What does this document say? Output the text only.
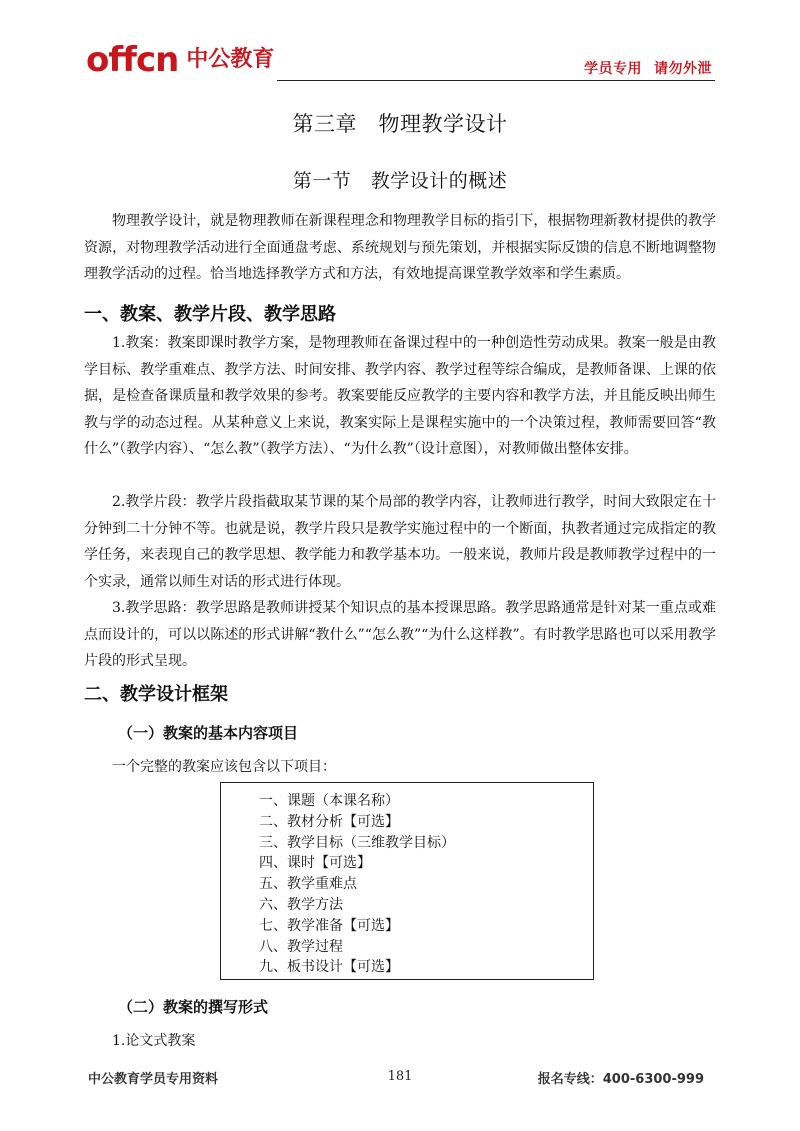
offcn 中公教育	学员专用 请勿外泄
第三章　物理教学设计
第一节　教学设计的概述

物理教学设计，就是物理教师在新课程理念和物理教学目标的指引下，根据物理新教材提供的教学资源，对物理教学活动进行全面通盘考虑、系统规划与预先策划，并根据实际反馈的信息不断地调整物理教学活动的过程。恰当地选择教学方式和方法，有效地提高课堂教学效率和学生素质。

一、教案、教学片段、教学思路

1.教案：教案即课时教学方案，是物理教师在备课过程中的一种创造性劳动成果。教案一般是由教学目标、教学重难点、教学方法、时间安排、教学内容、教学过程等综合编成，是教师备课、上课的依据，是检查备课质量和教学效果的参考。教案要能反应教学的主要内容和教学方法，并且能反映出师生教与学的动态过程。从某种意义上来说，教案实际上是课程实施中的一个决策过程，教师需要回答“教什么”（教学内容）、“怎么教”（教学方法）、“为什么教”（设计意图），对教师做出整体安排。

2.教学片段：教学片段指截取某节课的某个局部的教学内容，让教师进行教学，时间大致限定在十分钟到二十分钟不等。也就是说，教学片段只是教学实施过程中的一个断面，执教者通过完成指定的教学任务，来表现自己的教学思想、教学能力和教学基本功。一般来说，教师片段是教师教学过程中的一个实录，通常以师生对话的形式进行体现。

3.教学思路：教学思路是教师讲授某个知识点的基本授课思路。教学思路通常是针对某一重点或难点而设计的，可以以陈述的形式讲解“教什么”“怎么教”“为什么这样教”。有时教学思路也可以采用教学片段的形式呈现。

二、教学设计框架
（一）教案的基本内容项目

一个完整的教案应该包含以下项目：

一、课题（本课名称）
二、教材分析【可选】
三、教学目标（三维教学目标）
四、课时【可选】
五、教学重难点
六、教学方法
七、教学准备【可选】
八、教学过程
九、板书设计【可选】
（二）教案的撰写形式

1.论文式教案

中公教育学员专用资料	181	报名专线：400-6300-999
